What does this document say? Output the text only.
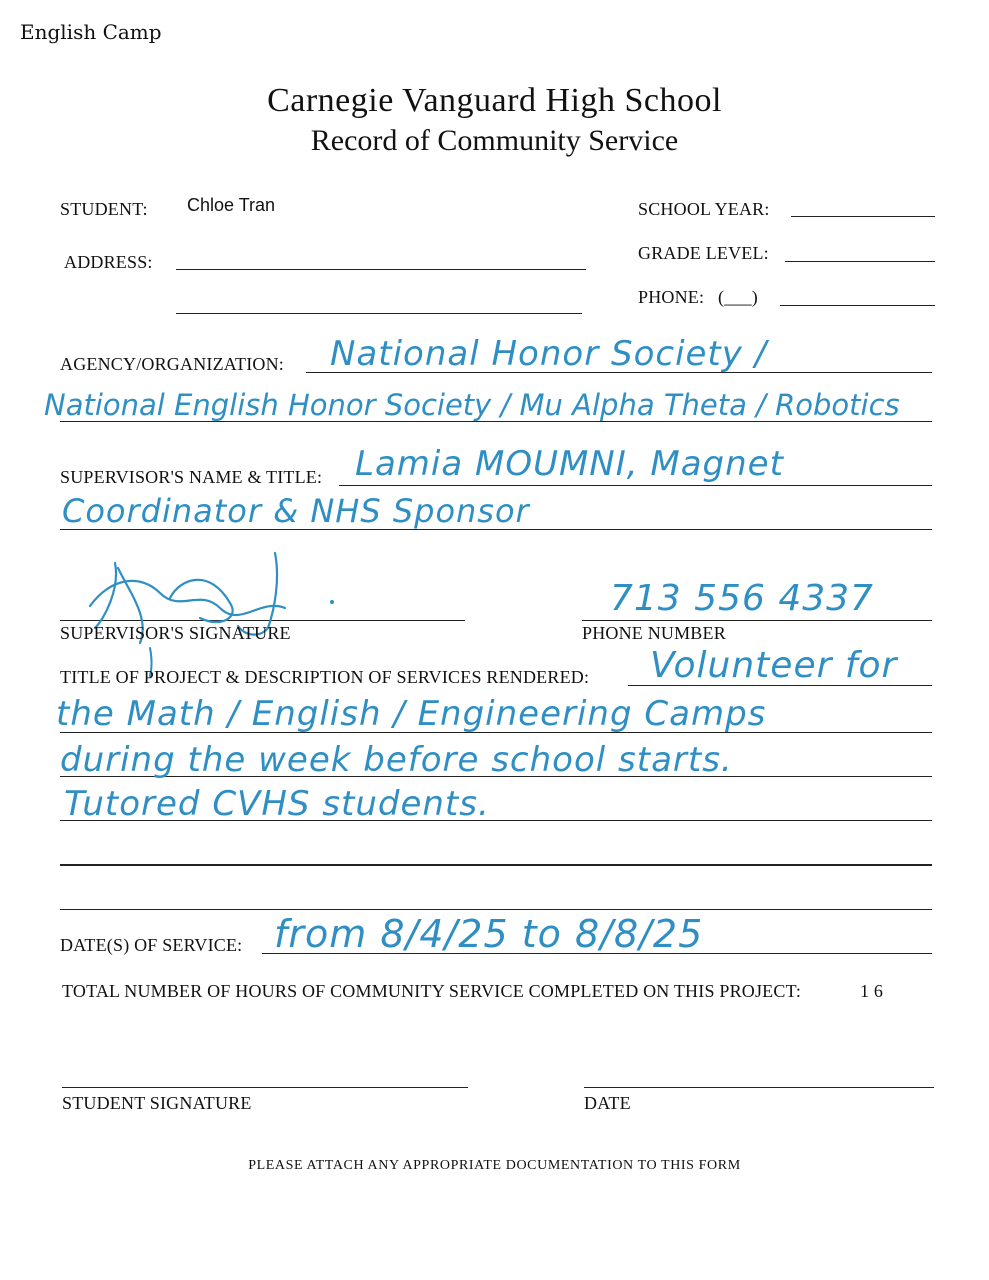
English Camp
Carnegie Vanguard High School
Record of Community Service
STUDENT: Chloe Tran	SCHOOL YEAR:
ADDRESS:	GRADE LEVEL:
PHONE: (___)
AGENCY/ORGANIZATION: National Honor Society /
National English Honor Society / Mu Alpha Theta / Robotics
SUPERVISOR'S NAME & TITLE: Lamia MOUMNI, Magnet
Coordinator & NHS Sponsor
SUPERVISOR'S SIGNATURE
713 556 4337
PHONE NUMBER
TITLE OF PROJECT & DESCRIPTION OF SERVICES RENDERED: Volunteer for
the Math / English / Engineering Camps
during the week before school starts.
Tutored CVHS students.
DATE(S) OF SERVICE: from 8/4/25 to 8/8/25
TOTAL NUMBER OF HOURS OF COMMUNITY SERVICE COMPLETED ON THIS PROJECT:	1 6
STUDENT SIGNATURE	DATE
PLEASE ATTACH ANY APPROPRIATE DOCUMENTATION TO THIS FORM
